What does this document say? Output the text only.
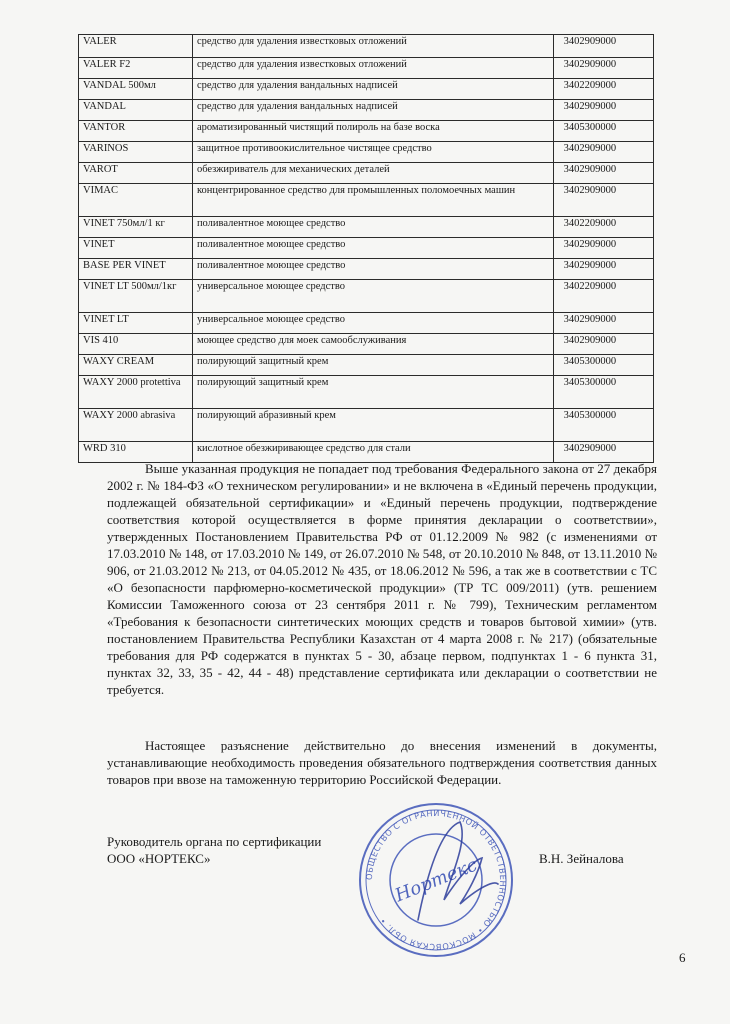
VALER	средство для удаления известковых отложений	3402909000
VALER F2	средство для удаления известковых отложений	3402909000
VANDAL 500мл	средство для удаления вандальных надписей	3402209000
VANDAL	средство для удаления вандальных надписей	3402909000
VANTOR	ароматизированный чистящий полироль на базе воска	3405300000
VARINOS	защитное противоокислительное чистящее средство	3402909000
VAROT	обезжириватель для механических деталей	3402909000
VIMAC	концентрированное средство для промышленных поломоечных машин	3402909000
VINET 750мл/1 кг	поливалентное моющее средство	3402209000
VINET	поливалентное моющее средство	3402909000
BASE PER VINET	поливалентное моющее средство	3402909000
VINET LT 500мл/1кг	универсальное моющее средство	3402209000
VINET LT	универсальное моющее средство	3402909000
VIS 410	моющее средство для моек самообслуживания	3402909000
WAXY CREAM	полирующий защитный крем	3405300000
WAXY 2000 protettiva	полирующий защитный крем	3405300000
WAXY 2000 abrasiva	полирующий абразивный крем	3405300000
WRD 310	кислотное обезжиривающее средство для стали	3402909000

Выше указанная продукция не попадает под требования Федерального закона от 27 декабря 2002 г. № 184-ФЗ «О техническом регулировании» и не включена в «Единый перечень продукции, подлежащей обязательной сертификации» и «Единый перечень продукции, подтверждение соответствия которой осуществляется в форме принятия декларации о соответствии», утвержденных Постановлением Правительства РФ от 01.12.2009 № 982 (с изменениями от 17.03.2010 № 148, от 17.03.2010 № 149, от 26.07.2010 № 548, от 20.10.2010 № 848, от 13.11.2010 № 906, от 21.03.2012 № 213, от 04.05.2012 № 435, от 18.06.2012 № 596, а так же в соответствии с ТС «О безопасности парфюмерно-косметической продукции» (ТР ТС 009/2011) (утв. решением Комиссии Таможенного союза от 23 сентября 2011 г. № 799), Техническим регламентом «Требования к безопасности синтетических моющих средств и товаров бытовой химии» (утв. постановлением Правительства Республики Казахстан от 4 марта 2008 г. № 217) (обязательные требования для РФ содержатся в пунктах 5 - 30, абзаце первом, подпунктах 1 - 6 пункта 31, пунктах 32, 33, 35 - 42, 44 - 48) представление сертификата или декларации о соответствии не требуется.

Настоящее разъяснение действительно до внесения изменений в документы, устанавливающие необходимость проведения обязательного подтверждения соответствия данных товаров при ввозе на таможенную территорию Российской Федерации.

Руководитель органа по сертификации
ООО «НОРТЕКС»
ОБЩЕСТВО С ОГРАНИЧЕННОЙ ОТВЕТСТВЕННОСТЬЮ • МОСКОВСКАЯ ОБЛ. •
Нортекс	В.Н. Зейналова
6
